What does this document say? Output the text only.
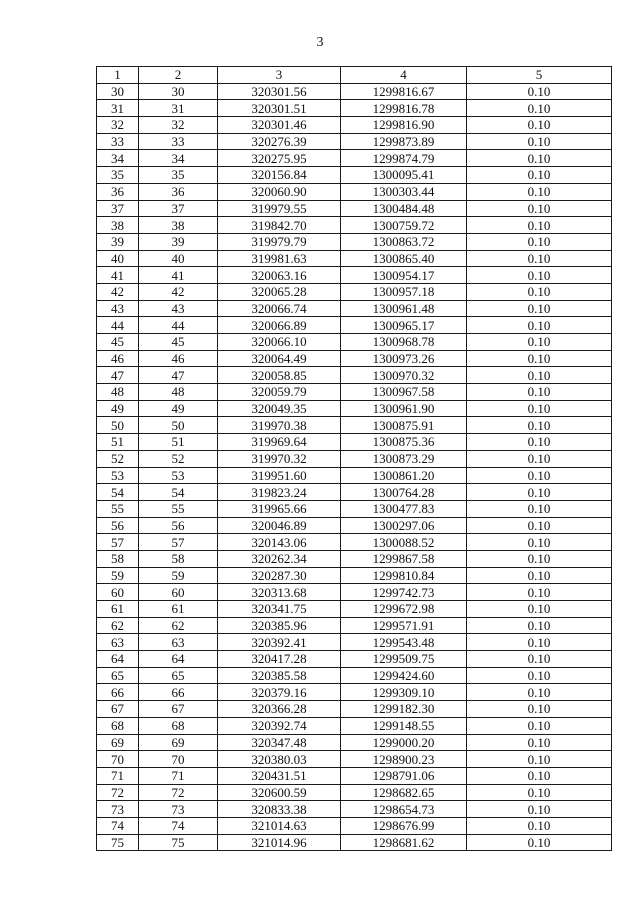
3
1	2	3	4	5
30	30	320301.56	1299816.67	0.10
31	31	320301.51	1299816.78	0.10
32	32	320301.46	1299816.90	0.10
33	33	320276.39	1299873.89	0.10
34	34	320275.95	1299874.79	0.10
35	35	320156.84	1300095.41	0.10
36	36	320060.90	1300303.44	0.10
37	37	319979.55	1300484.48	0.10
38	38	319842.70	1300759.72	0.10
39	39	319979.79	1300863.72	0.10
40	40	319981.63	1300865.40	0.10
41	41	320063.16	1300954.17	0.10
42	42	320065.28	1300957.18	0.10
43	43	320066.74	1300961.48	0.10
44	44	320066.89	1300965.17	0.10
45	45	320066.10	1300968.78	0.10
46	46	320064.49	1300973.26	0.10
47	47	320058.85	1300970.32	0.10
48	48	320059.79	1300967.58	0.10
49	49	320049.35	1300961.90	0.10
50	50	319970.38	1300875.91	0.10
51	51	319969.64	1300875.36	0.10
52	52	319970.32	1300873.29	0.10
53	53	319951.60	1300861.20	0.10
54	54	319823.24	1300764.28	0.10
55	55	319965.66	1300477.83	0.10
56	56	320046.89	1300297.06	0.10
57	57	320143.06	1300088.52	0.10
58	58	320262.34	1299867.58	0.10
59	59	320287.30	1299810.84	0.10
60	60	320313.68	1299742.73	0.10
61	61	320341.75	1299672.98	0.10
62	62	320385.96	1299571.91	0.10
63	63	320392.41	1299543.48	0.10
64	64	320417.28	1299509.75	0.10
65	65	320385.58	1299424.60	0.10
66	66	320379.16	1299309.10	0.10
67	67	320366.28	1299182.30	0.10
68	68	320392.74	1299148.55	0.10
69	69	320347.48	1299000.20	0.10
70	70	320380.03	1298900.23	0.10
71	71	320431.51	1298791.06	0.10
72	72	320600.59	1298682.65	0.10
73	73	320833.38	1298654.73	0.10
74	74	321014.63	1298676.99	0.10
75	75	321014.96	1298681.62	0.10
